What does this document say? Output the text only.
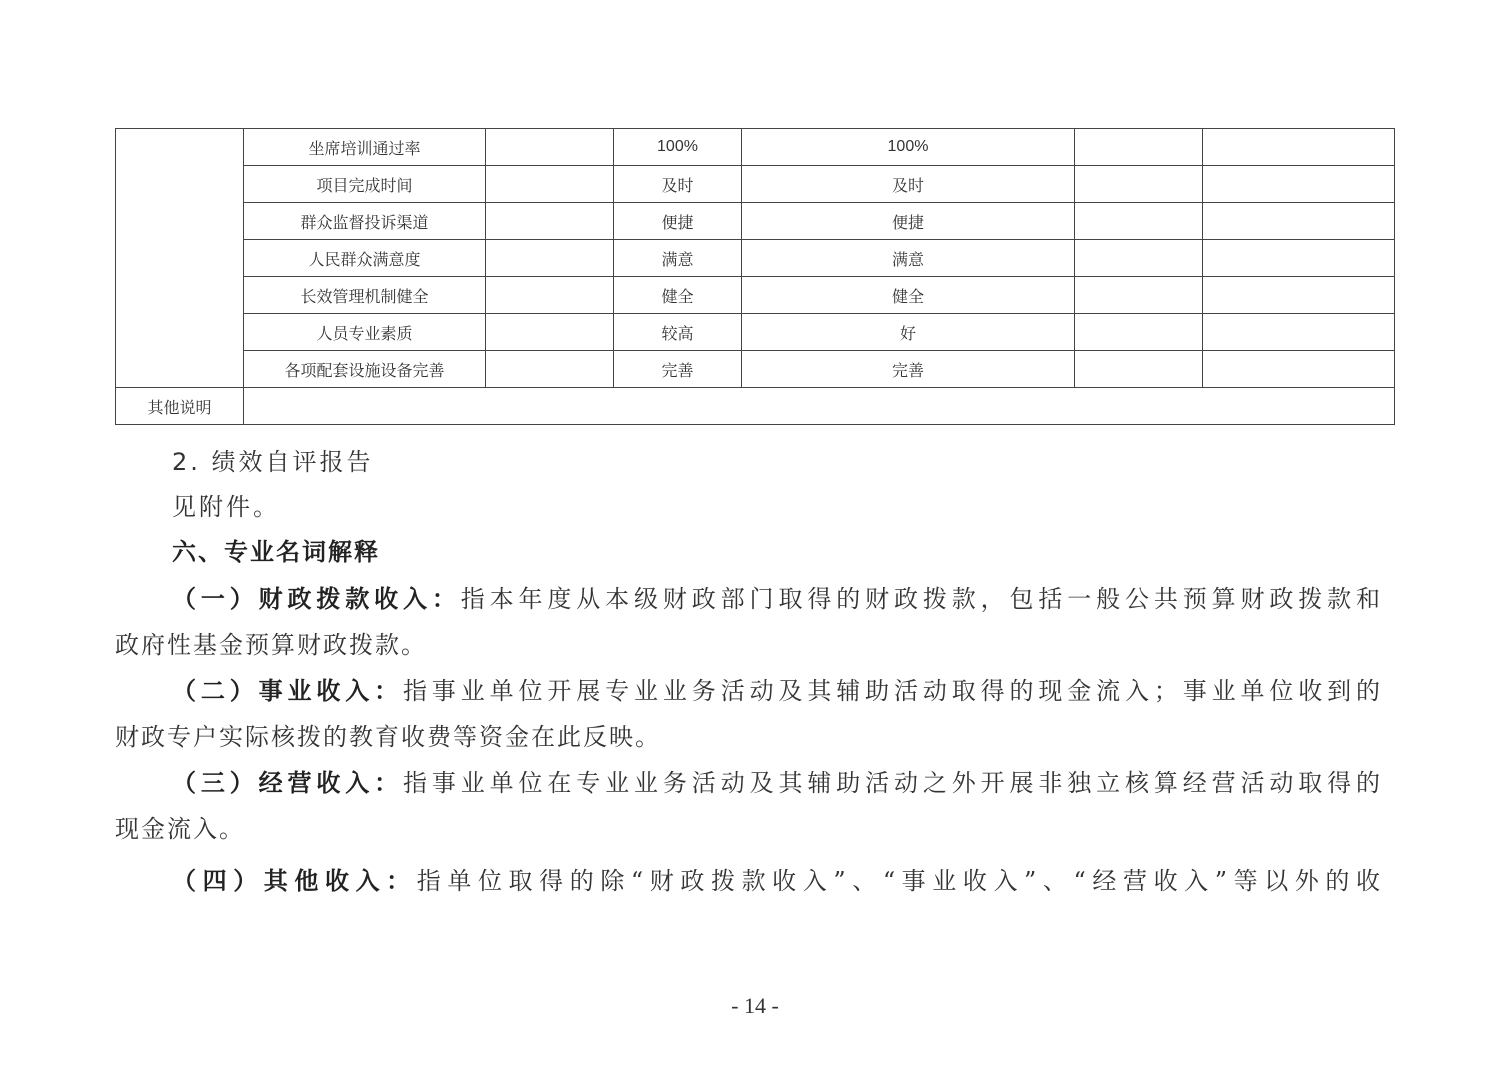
	坐席培训通过率		100%	100%		
	项目完成时间		及时	及时		
	群众监督投诉渠道		便捷	便捷		
	人民群众满意度		满意	满意		
	长效管理机制健全		健全	健全		
	人员专业素质		较高	好		
	各项配套设施设备完善		完善	完善		
其他说明						
2. 绩效自评报告
见附件。
六、专业名词解释
（一）财政拨款收入：指本年度从本级财政部门取得的财政拨款，包括一般公共预算财政拨款和
政府性基金预算财政拨款。
（二）事业收入：指事业单位开展专业业务活动及其辅助活动取得的现金流入；事业单位收到的
财政专户实际核拨的教育收费等资金在此反映。
（三）经营收入：指事业单位在专业业务活动及其辅助活动之外开展非独立核算经营活动取得的
现金流入。
（四）其他收入：指单位取得的除“财政拨款收入”、“事业收入”、“经营收入”等以外的收
- 14 -
